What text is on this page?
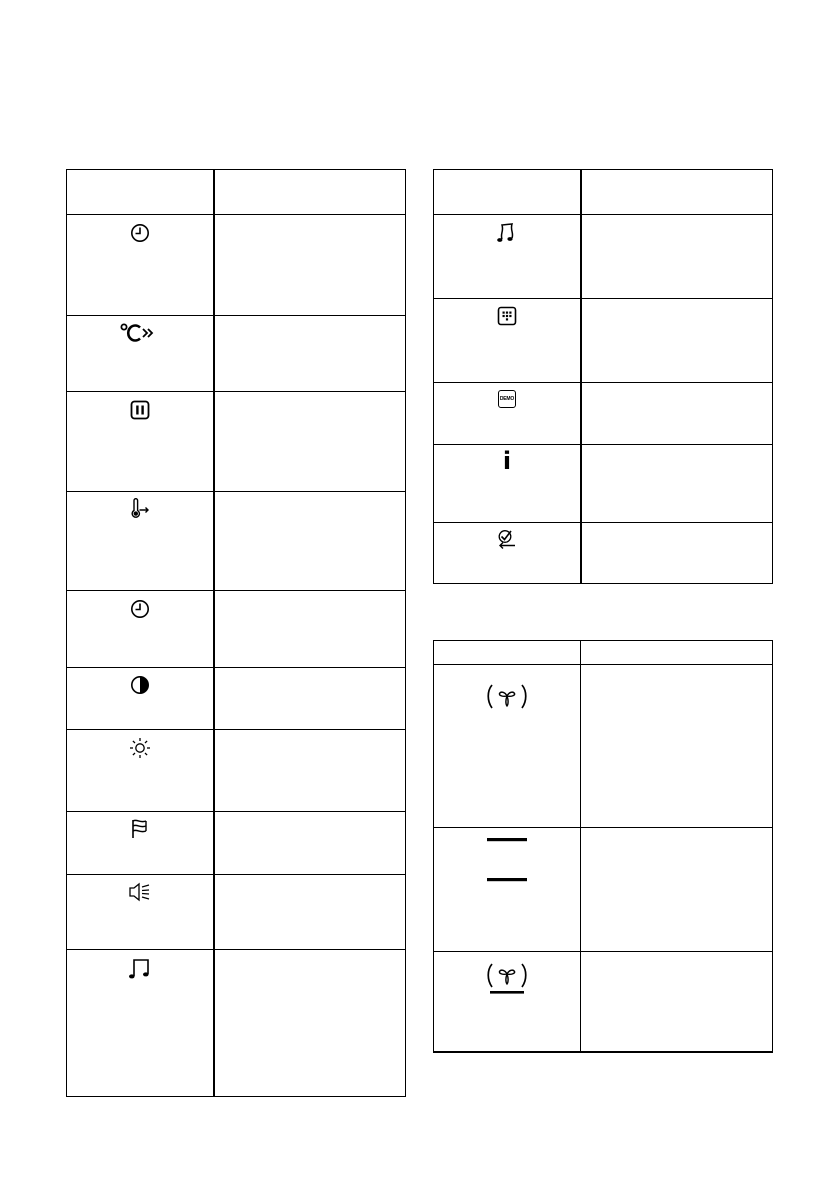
DEMO
i
